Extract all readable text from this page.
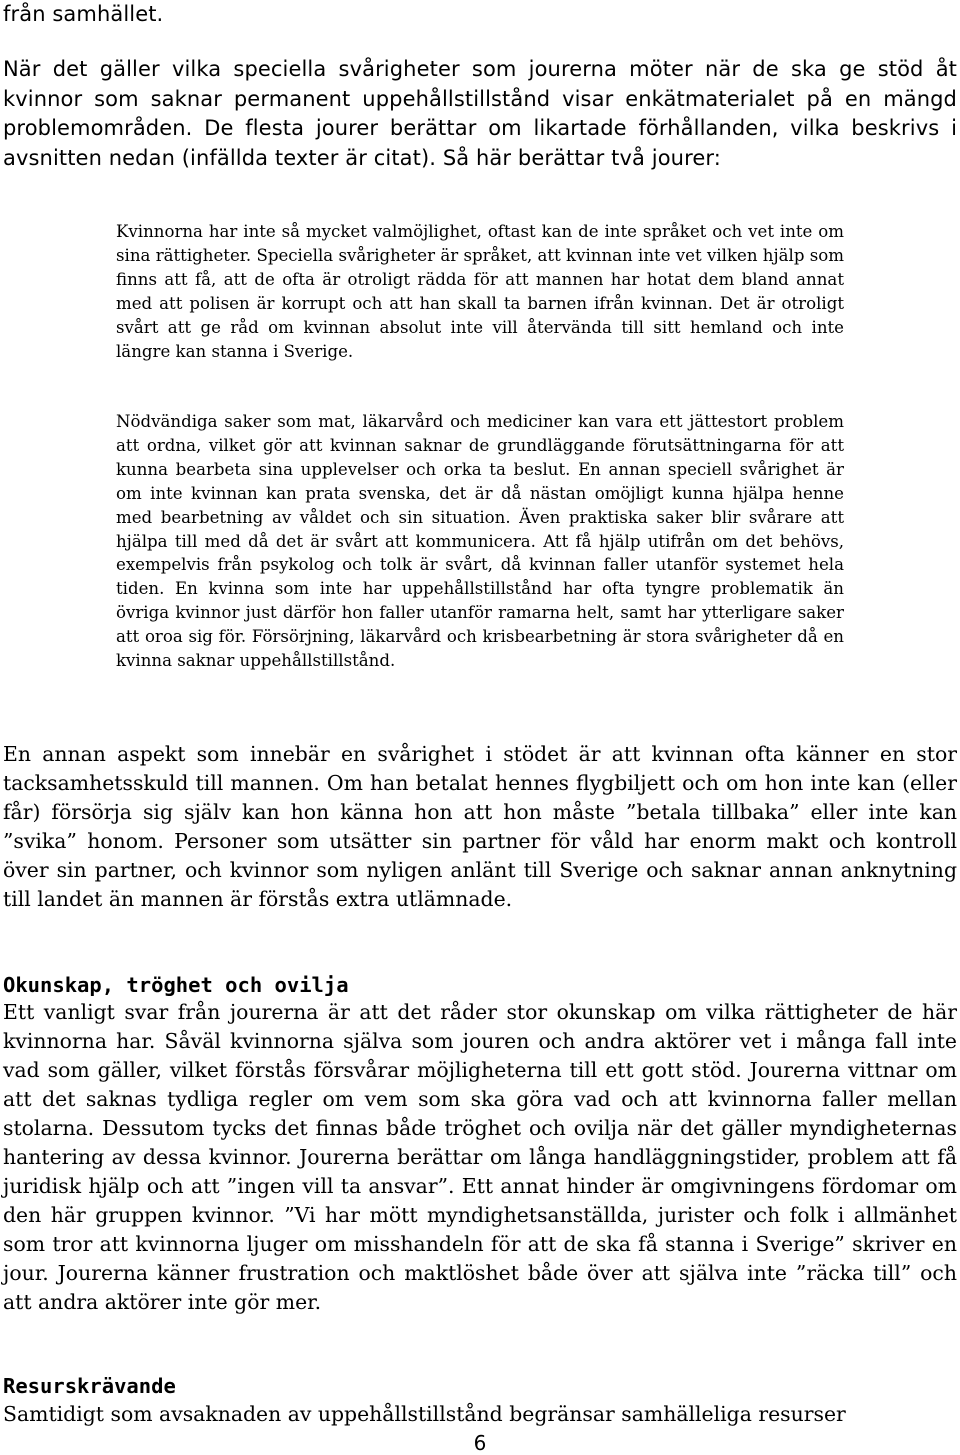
från samhället.

När det gäller vilka speciella svårigheter som jourerna möter när de ska ge stöd åt kvinnor som saknar permanent uppehållstillstånd visar enkätmaterialet på en mängd problemområden. De flesta jourer berättar om likartade förhållanden, vilka beskrivs i avsnitten nedan (infällda texter är citat). Så här berättar två jourer:

Kvinnorna har inte så mycket valmöjlighet, oftast kan de inte språket och vet inte om sina rättigheter. Speciella svårigheter är språket, att kvinnan inte vet vilken hjälp som finns att få, att de ofta är otroligt rädda för att mannen har hotat dem bland annat med att polisen är korrupt och att han skall ta barnen ifrån kvinnan. Det är otroligt svårt att ge råd om kvinnan absolut inte vill återvända till sitt hemland och inte längre kan stanna i Sverige.

Nödvändiga saker som mat, läkarvård och mediciner kan vara ett jättestort problem att ordna, vilket gör att kvinnan saknar de grundläggande förutsättningarna för att kunna bearbeta sina upplevelser och orka ta beslut. En annan speciell svårighet är om inte kvinnan kan prata svenska, det är då nästan omöjligt kunna hjälpa henne med bearbetning av våldet och sin situation. Även praktiska saker blir svårare att hjälpa till med då det är svårt att kommunicera. Att få hjälp utifrån om det behövs, exempelvis från psykolog och tolk är svårt, då kvinnan faller utanför systemet hela tiden. En kvinna som inte har uppehållstillstånd har ofta tyngre problematik än övriga kvinnor just därför hon faller utanför ramarna helt, samt har ytterligare saker att oroa sig för. Försörjning, läkarvård och krisbearbetning är stora svårigheter då en kvinna saknar uppehållstillstånd.

En annan aspekt som innebär en svårighet i stödet är att kvinnan ofta känner en stor tacksamhetsskuld till mannen. Om han betalat hennes flygbiljett och om hon inte kan (eller får) försörja sig själv kan hon känna hon att hon måste ”betala tillbaka” eller inte kan ”svika” honom. Personer som utsätter sin partner för våld har enorm makt och kontroll över sin partner, och kvinnor som nyligen anlänt till Sverige och saknar annan anknytning till landet än mannen är förstås extra utlämnade.

Okunskap, tröghet och ovilja

Ett vanligt svar från jourerna är att det råder stor okunskap om vilka rättigheter de här kvinnorna har. Såväl kvinnorna själva som jouren och andra aktörer vet i många fall inte vad som gäller, vilket förstås försvårar möjligheterna till ett gott stöd. Jourerna vittnar om att det saknas tydliga regler om vem som ska göra vad och att kvinnorna faller mellan stolarna. Dessutom tycks det finnas både tröghet och ovilja när det gäller myndigheternas hantering av dessa kvinnor. Jourerna berättar om långa handläggningstider, problem att få juridisk hjälp och att ”ingen vill ta ansvar”. Ett annat hinder är omgivningens fördomar om den här gruppen kvinnor. ”Vi har mött myndighetsanställda, jurister och folk i allmänhet som tror att kvinnorna ljuger om misshandeln för att de ska få stanna i Sverige” skriver en jour. Jourerna känner frustration och maktlöshet både över att själva inte ”räcka till” och att andra aktörer inte gör mer.

Resurskrävande

Samtidigt som avsaknaden av uppehållstillstånd begränsar samhälleliga resurser

6
